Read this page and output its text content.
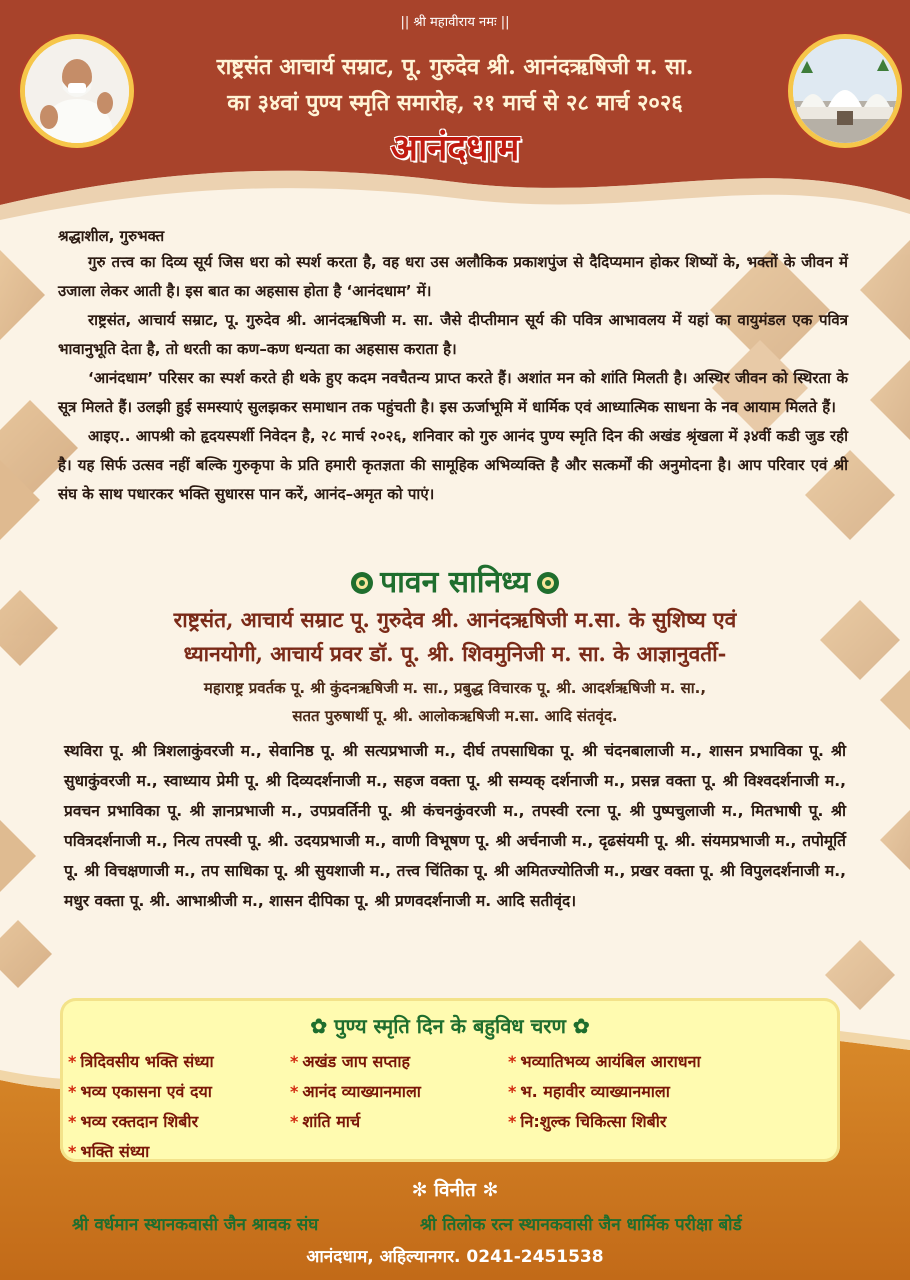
|| श्री महावीराय नमः ||
राष्ट्रसंत आचार्य सम्राट, पू. गुरुदेव श्री. आनंदऋषिजी म. सा.
का ३४वां पुण्य स्मृति समारोह, २१ मार्च से २८ मार्च २०२६
आनंदधाम
श्रद्धाशील, गुरुभक्त

गुरु तत्त्व का दिव्य सूर्य जिस धरा को स्पर्श करता है, वह धरा उस अलौकिक प्रकाशपुंज से दैदिप्यमान होकर शिष्यों के, भक्तों के जीवन में उजाला लेकर आती है। इस बात का अहसास होता है ‘आनंदधाम’ में।

राष्ट्रसंत, आचार्य सम्राट, पू. गुरुदेव श्री. आनंदऋषिजी म. सा. जैसे दीप्तीमान सूर्य की पवित्र आभावलय में यहां का वायुमंडल एक पवित्र भावानुभूति देता है, तो धरती का कण–कण धन्यता का अहसास कराता है।

‘आनंदधाम’ परिसर का स्पर्श करते ही थके हुए कदम नवचैतन्य प्राप्त करते हैं। अशांत मन को शांति मिलती है। अस्थिर जीवन को स्थिरता के सूत्र मिलते हैं। उलझी हुई समस्याएं सुलझकर समाधान तक पहुंचती है। इस ऊर्जाभूमि में धार्मिक एवं आध्यात्मिक साधना के नव आयाम मिलते हैं।

आइए.. आपश्री को हृदयस्पर्शी निवेदन है, २८ मार्च २०२६, शनिवार को गुरु आनंद पुण्य स्मृति दिन की अखंड श्रृंखला में ३४वीं कडी जुड रही है। यह सिर्फ उत्सव नहीं बल्कि गुरुकृपा के प्रति हमारी कृतज्ञता की सामूहिक अभिव्यक्ति है और सत्कर्मों की अनुमोदना है। आप परिवार एवं श्री संघ के साथ पधारकर भक्ति सुधारस पान करें, आनंद–अमृत को पाएं।

पावन सानिध्य
राष्ट्रसंत, आचार्य सम्राट पू. गुरुदेव श्री. आनंदऋषिजी म.सा. के सुशिष्य एवं
ध्यानयोगी, आचार्य प्रवर डॉ. पू. श्री. शिवमुनिजी म. सा. के आज्ञानुवर्ती-
महाराष्ट्र प्रवर्तक पू. श्री कुंदनऋषिजी म. सा., प्रबुद्ध विचारक पू. श्री. आदर्शऋषिजी म. सा.,
सतत पुरुषार्थी पू. श्री. आलोकऋषिजी म.सा. आदि संतवृंद.
स्थविरा पू. श्री त्रिशलाकुंवरजी म., सेवानिष्ठ पू. श्री सत्यप्रभाजी म., दीर्घ तपसाधिका पू. श्री चंदनबालाजी म., शासन प्रभाविका पू. श्री सुधाकुंवरजी म., स्वाध्याय प्रेमी पू. श्री दिव्यदर्शनाजी म., सहज वक्ता पू. श्री सम्यक् दर्शनाजी म., प्रसन्न वक्ता पू. श्री विश्वदर्शनाजी म., प्रवचन प्रभाविका पू. श्री ज्ञानप्रभाजी म., उपप्रवर्तिनी पू. श्री कंचनकुंवरजी म., तपस्वी रत्ना पू. श्री पुष्पचुलाजी म., मितभाषी पू. श्री पवित्रदर्शनाजी म., नित्य तपस्वी पू. श्री. उदयप्रभाजी म., वाणी विभूषण पू. श्री अर्चनाजी म., दृढसंयमी पू. श्री. संयमप्रभाजी म., तपोमूर्ति पू. श्री विचक्षणाजी म., तप साधिका पू. श्री सुयशाजी म., तत्त्व चिंतिका पू. श्री अमितज्योतिजी म., प्रखर वक्ता पू. श्री विपुलदर्शनाजी म., मधुर वक्ता पू. श्री. आभाश्रीजी म., शासन दीपिका पू. श्री प्रणवदर्शनाजी म. आदि सतीवृंद।
✿ पुण्य स्मृति दिन के बहुविध चरण ✿
* त्रिदिवसीय भक्ति संध्या	* अखंड जाप सप्ताह	* भव्यातिभव्य आयंबिल आराधना
* भव्य एकासना एवं दया	* आनंद व्याख्यानमाला	* भ. महावीर व्याख्यानमाला
* भव्य रक्तदान शिबीर	* शांति मार्च	* नि:शुल्क चिकित्सा शिबीर
* भक्ति संध्या
✻ विनीत ✻
श्री वर्धमान स्थानकवासी जैन श्रावक संघ	श्री तिलोक रत्न स्थानकवासी जैन धार्मिक परीक्षा बोर्ड
आनंदधाम, अहिल्यानगर. 0241-2451538
